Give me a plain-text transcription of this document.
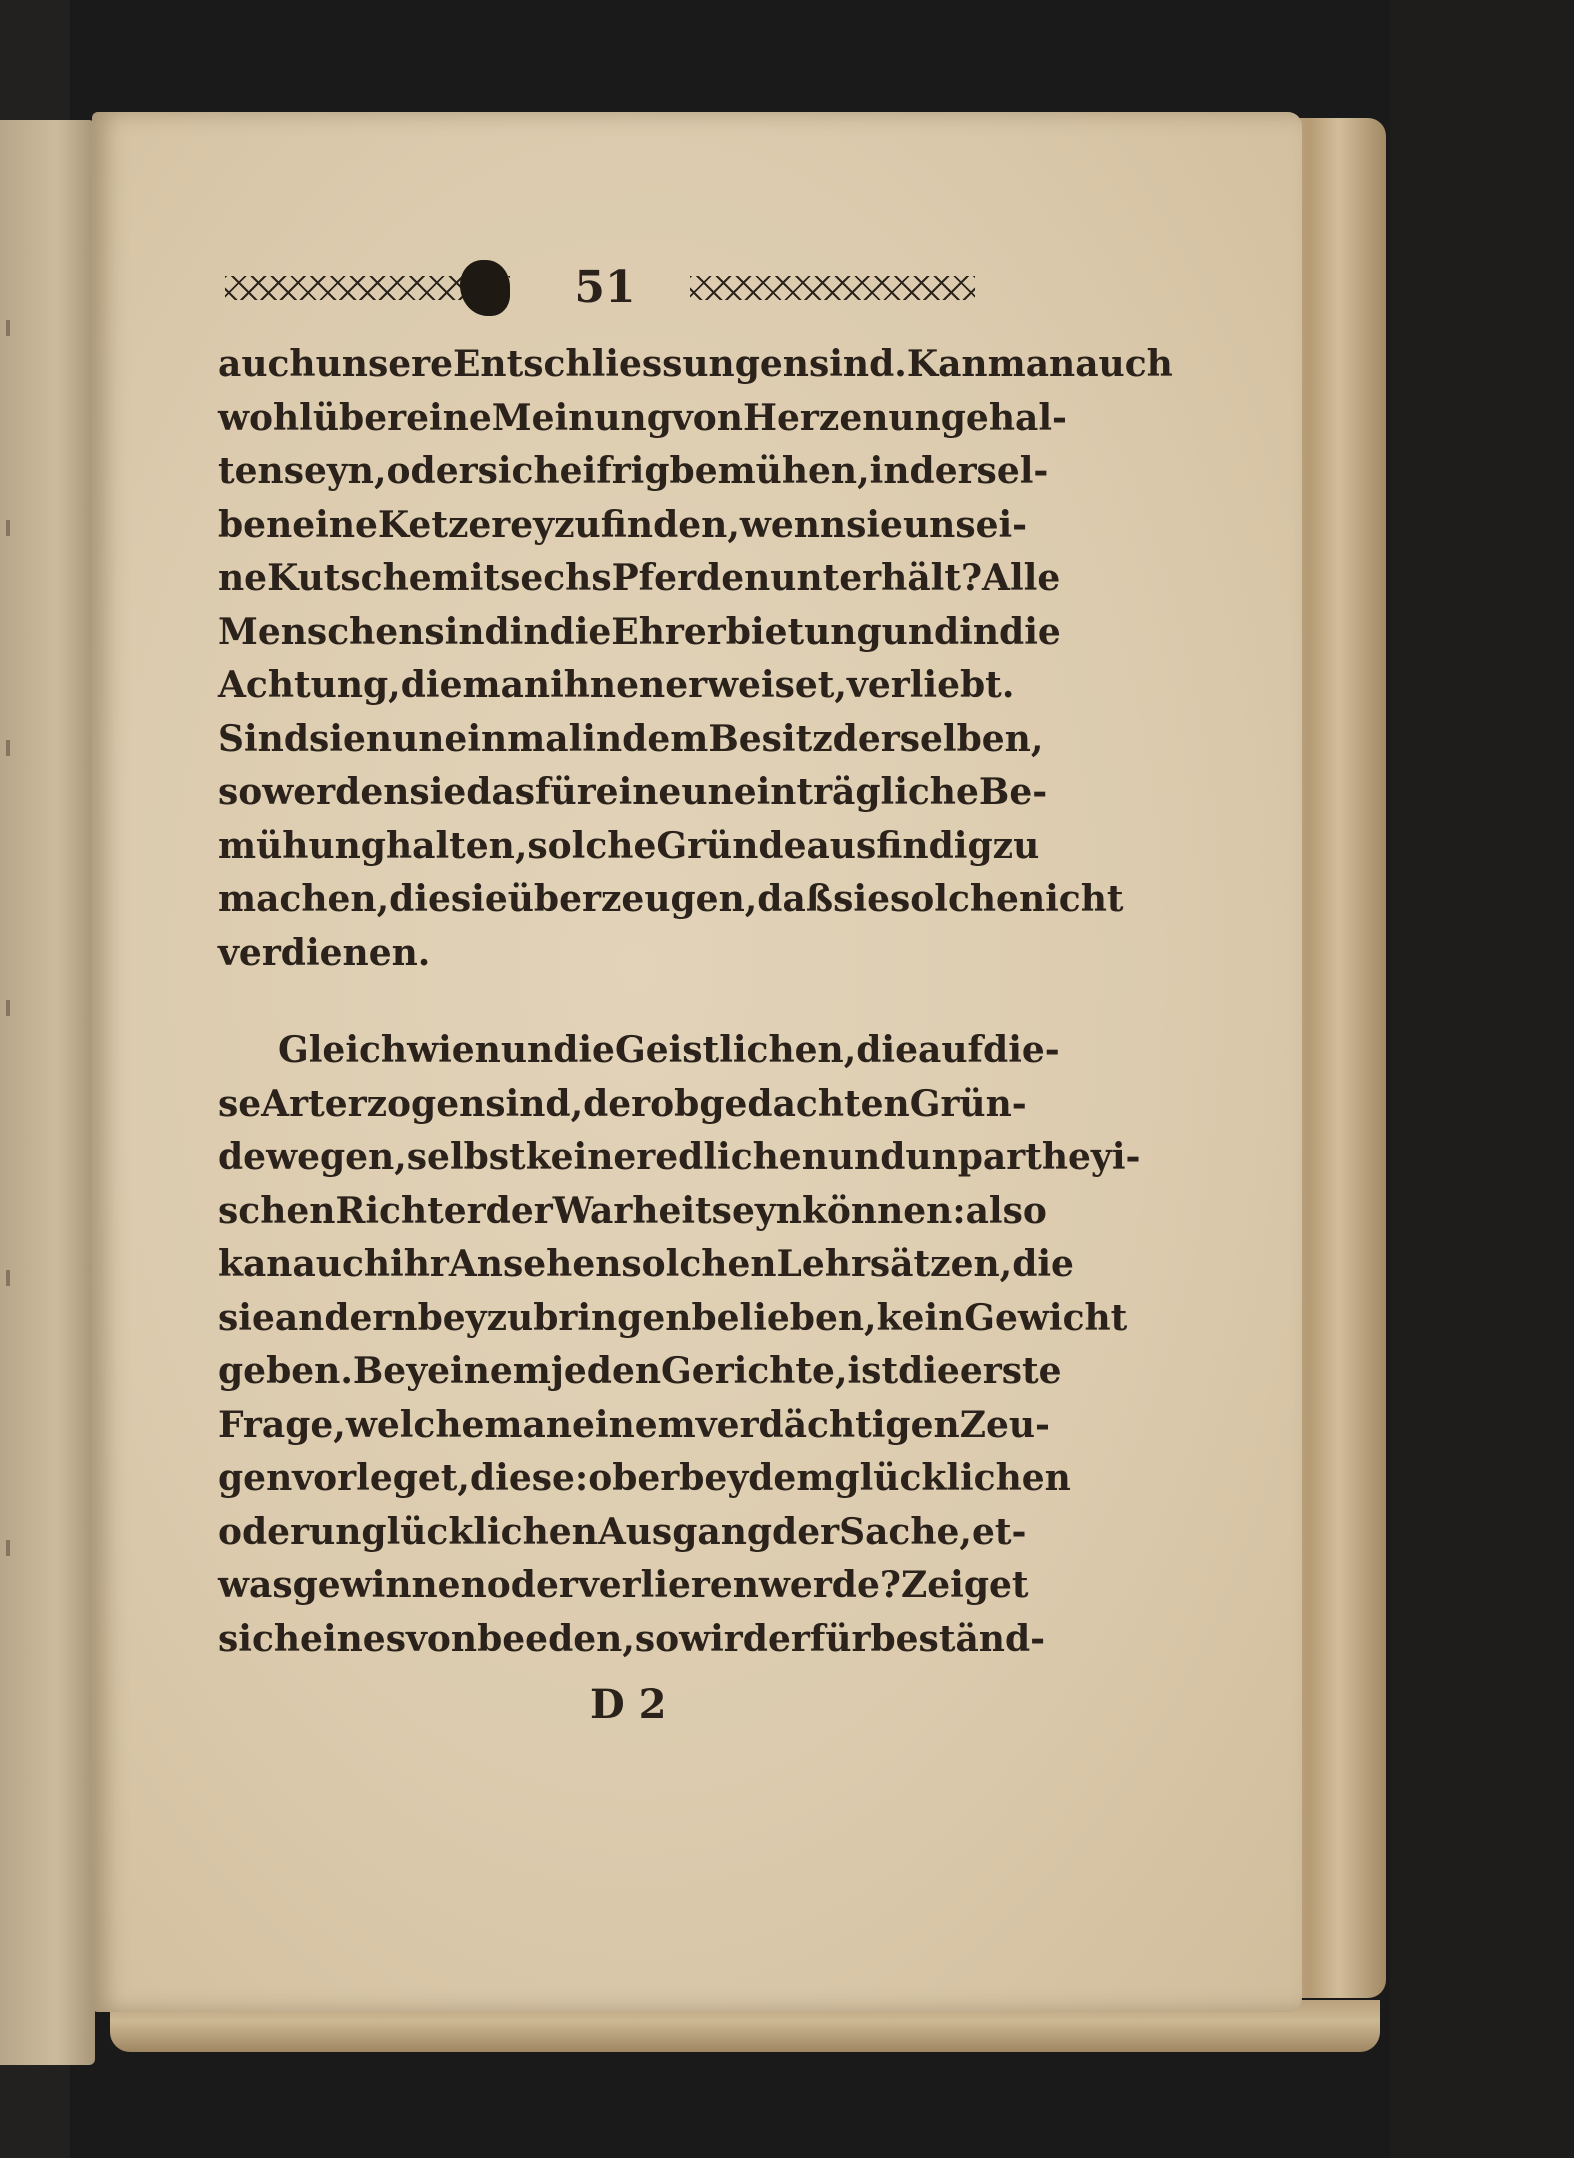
51
auch unsere Entschliessungen sind. Kan man auch
wohl über eine Meinung von Herzen ungehal-
ten seyn, oder sich eifrig bemühen, in dersel-
ben eine Ketzerey zu finden, wenn sie uns ei-
ne Kutsche mit sechs Pferden unterhält? Alle
Menschen sind in die Ehrerbietung und in die
Achtung, die man ihnen erweiset, verliebt.
Sind sie nun einmal in dem Besitz derselben,
so werden sie das für eine uneinträgliche Be-
mühung halten, solche Gründe ausfindig zu
machen, die sie überzeugen, daß sie solche nicht
verdienen.
Gleichwie nun die Geistlichen, die auf die-
se Art erzogen sind, der obgedachten Grün-
de wegen, selbst keine redlichen und unpartheyi-
schen Richter der Warheit seyn können: also
kan auch ihr Ansehen solchen Lehrsätzen, die
sie andern beyzubringen belieben, kein Gewicht
geben. Bey einem jeden Gerichte, ist die erste
Frage, welche man einem verdächtigen Zeu-
gen vorleget, diese: ob er bey dem glücklichen
oder unglücklichen Ausgang der Sache, et-
was gewinnen oder verlieren werde? Zeiget
sich eines von beeden, so wird er für beständ-
D 2
